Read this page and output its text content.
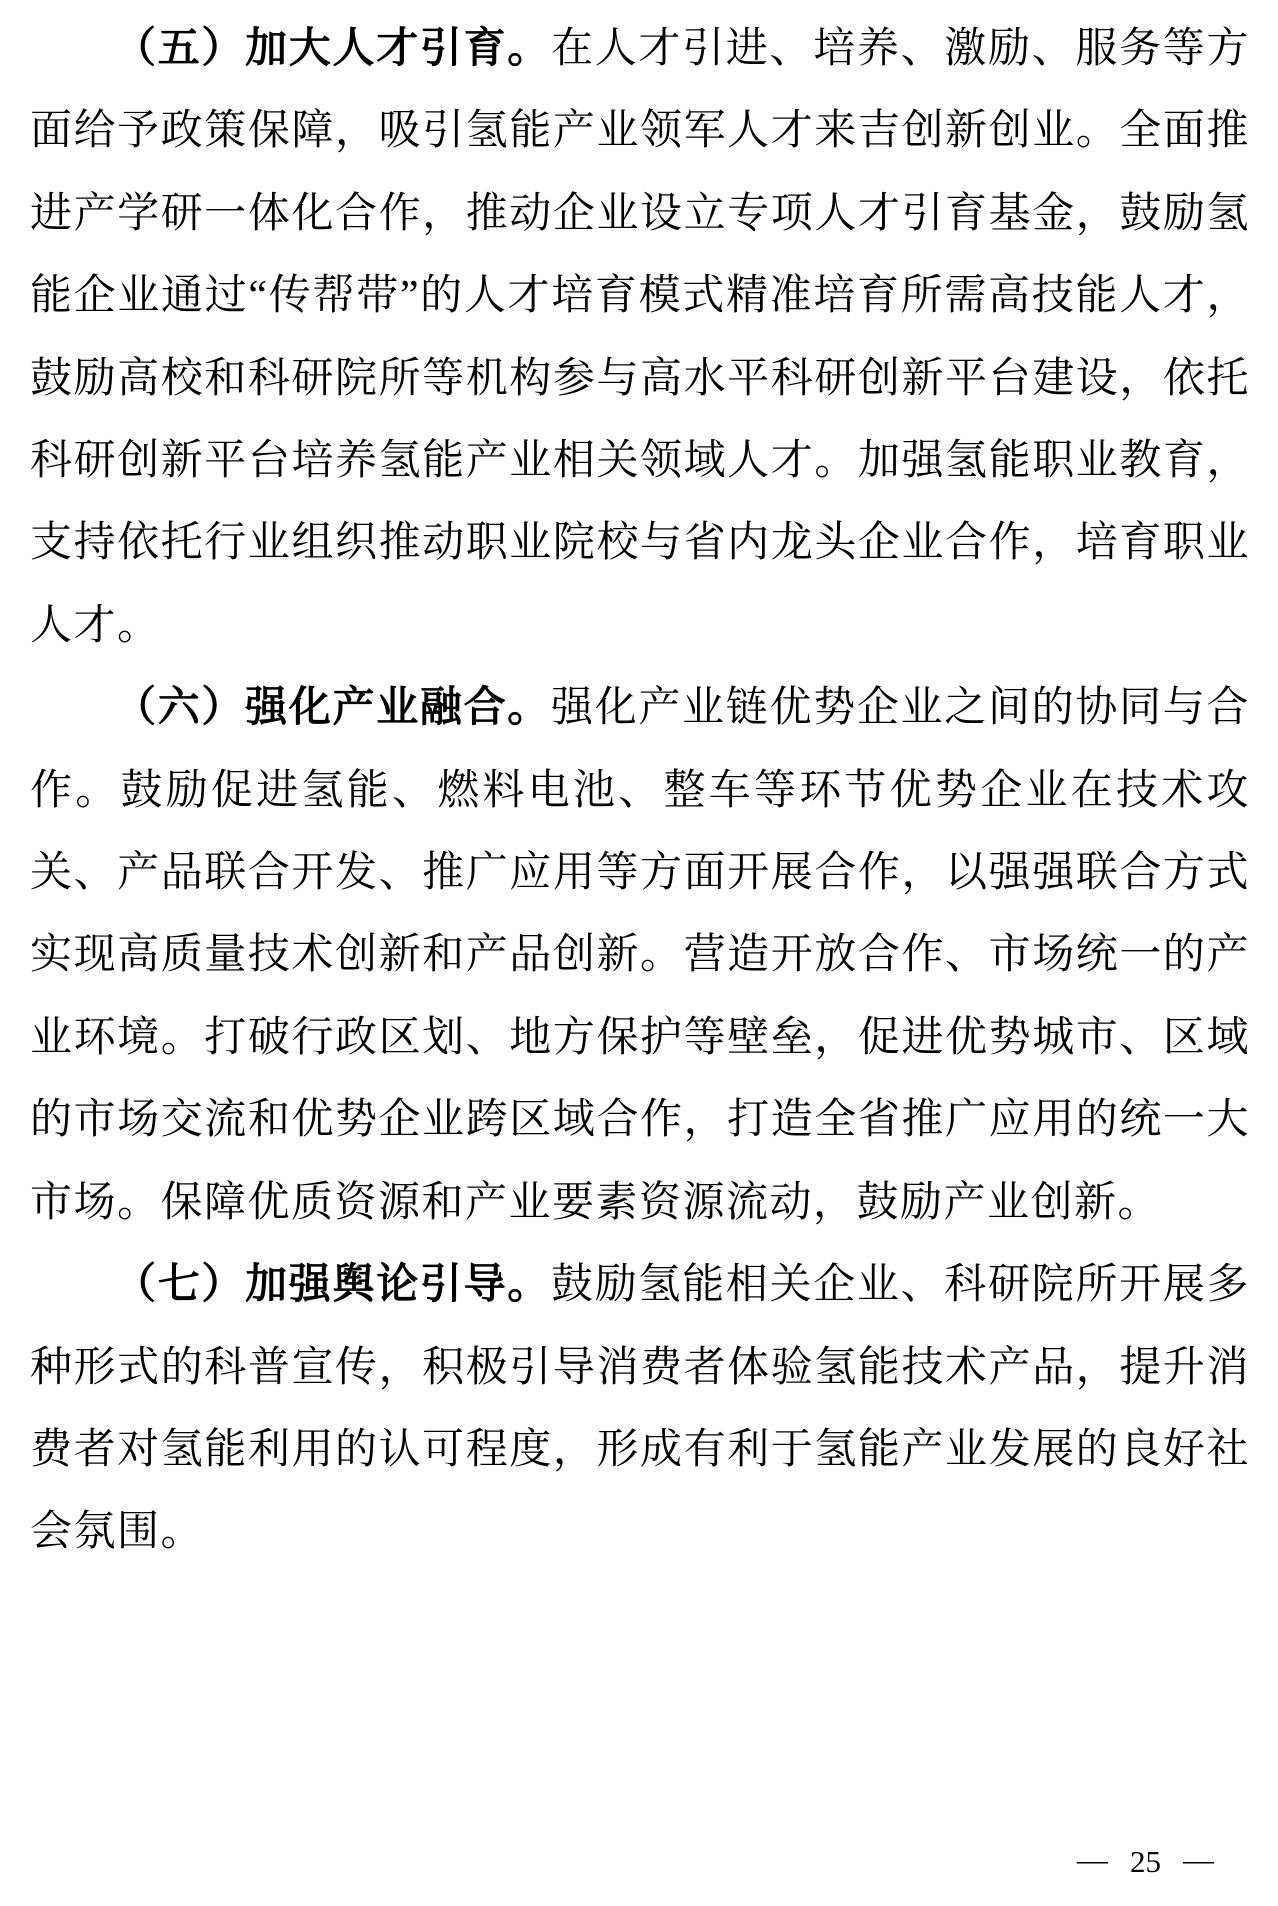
（五）加大人才引育。在人才引进、培养、激励、服务等方面给予政策保障，吸引氢能产业领军人才来吉创新创业。全面推进产学研一体化合作，推动企业设立专项人才引育基金，鼓励氢能企业通过“传帮带”的人才培育模式精准培育所需高技能人才，鼓励高校和科研院所等机构参与高水平科研创新平台建设，依托科研创新平台培养氢能产业相关领域人才。加强氢能职业教育，支持依托行业组织推动职业院校与省内龙头企业合作，培育职业人才。

（六）强化产业融合。强化产业链优势企业之间的协同与合作。鼓励促进氢能、燃料电池、整车等环节优势企业在技术攻关、产品联合开发、推广应用等方面开展合作，以强强联合方式实现高质量技术创新和产品创新。营造开放合作、市场统一的产业环境。打破行政区划、地方保护等壁垒，促进优势城市、区域的市场交流和优势企业跨区域合作，打造全省推广应用的统一大市场。保障优质资源和产业要素资源流动，鼓励产业创新。

（七）加强舆论引导。鼓励氢能相关企业、科研院所开展多种形式的科普宣传，积极引导消费者体验氢能技术产品，提升消费者对氢能利用的认可程度，形成有利于氢能产业发展的良好社会氛围。

— 25 —
